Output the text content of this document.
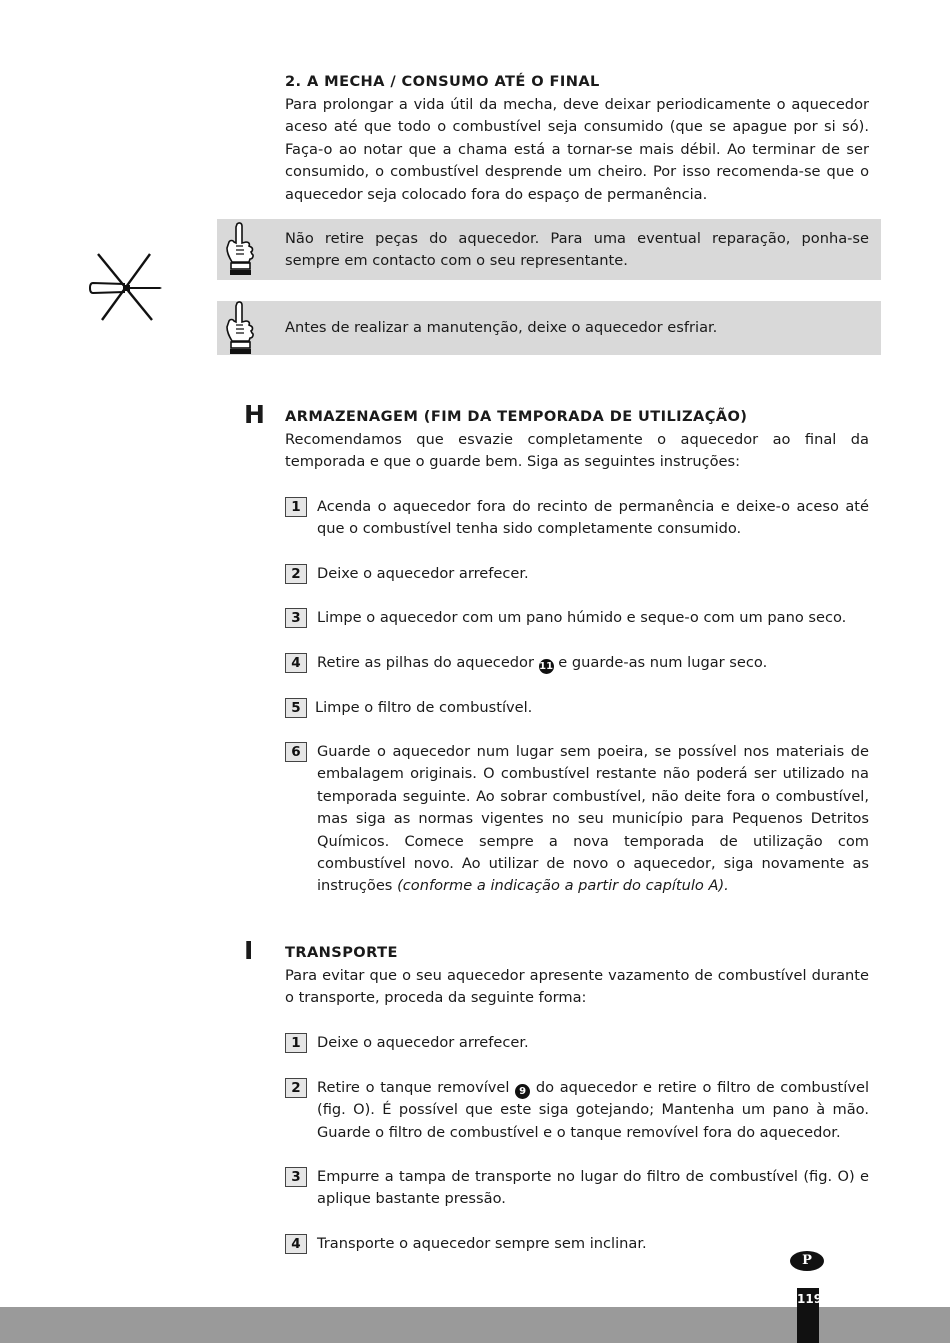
2. A MECHA / CONSUMO ATÉ O FINAL
Para prolongar a vida útil da mecha, deve deixar periodicamente o aquecedor aceso até que todo o combustível seja consumido (que se apague por si só). Faça-o ao notar que a chama está a tornar-se mais débil. Ao terminar de ser consumido, o combustível desprende um cheiro. Por isso recomenda-se que o aquecedor seja colocado fora do espaço de permanência.
Não retire peças do aquecedor. Para uma eventual reparação, ponha-se sempre em contacto com o seu representante.
Antes de realizar a manutenção, deixe o aquecedor esfriar.
H ARMAZENAGEM (FIM DA TEMPORADA DE UTILIZAÇÃO)
Recomendamos que esvazie completamente o aquecedor ao final da temporada e que o guarde bem. Siga as seguintes instruções:
1	Acenda o aquecedor fora do recinto de permanência e deixe-o aceso até que o combustível tenha sido completamente consumido.
2	Deixe o aquecedor arrefecer.
3	Limpe o aquecedor com um pano húmido e seque-o com um pano seco.
4	Retire as pilhas do aquecedor 11 e guarde-as num lugar seco.
5 Limpe o filtro de combustível.
6	Guarde o aquecedor num lugar sem poeira, se possível nos materiais de embalagem originais. O combustível restante não poderá ser utilizado na temporada seguinte. Ao sobrar combustível, não deite fora o combustível, mas siga as normas vigentes no seu município para Pequenos Detritos Químicos. Comece sempre a nova temporada de utilização com combustível novo. Ao utilizar de novo o aquecedor, siga novamente as instruções (conforme a indicação a partir do capítulo A).
I TRANSPORTE
Para evitar que o seu aquecedor apresente vazamento de combustível durante o transporte, proceda da seguinte forma:
1	Deixe o aquecedor arrefecer.
2	Retire o tanque removível 9 do aquecedor e retire o filtro de combustível (fig. O). É possível que este siga gotejando; Mantenha um pano à mão. Guarde o filtro de combustível e o tanque removível fora do aquecedor.
3	Empurre a tampa de transporte no lugar do filtro de combustível (fig. O) e aplique bastante pressão.
4	Transporte o aquecedor sempre sem inclinar.
P
119
